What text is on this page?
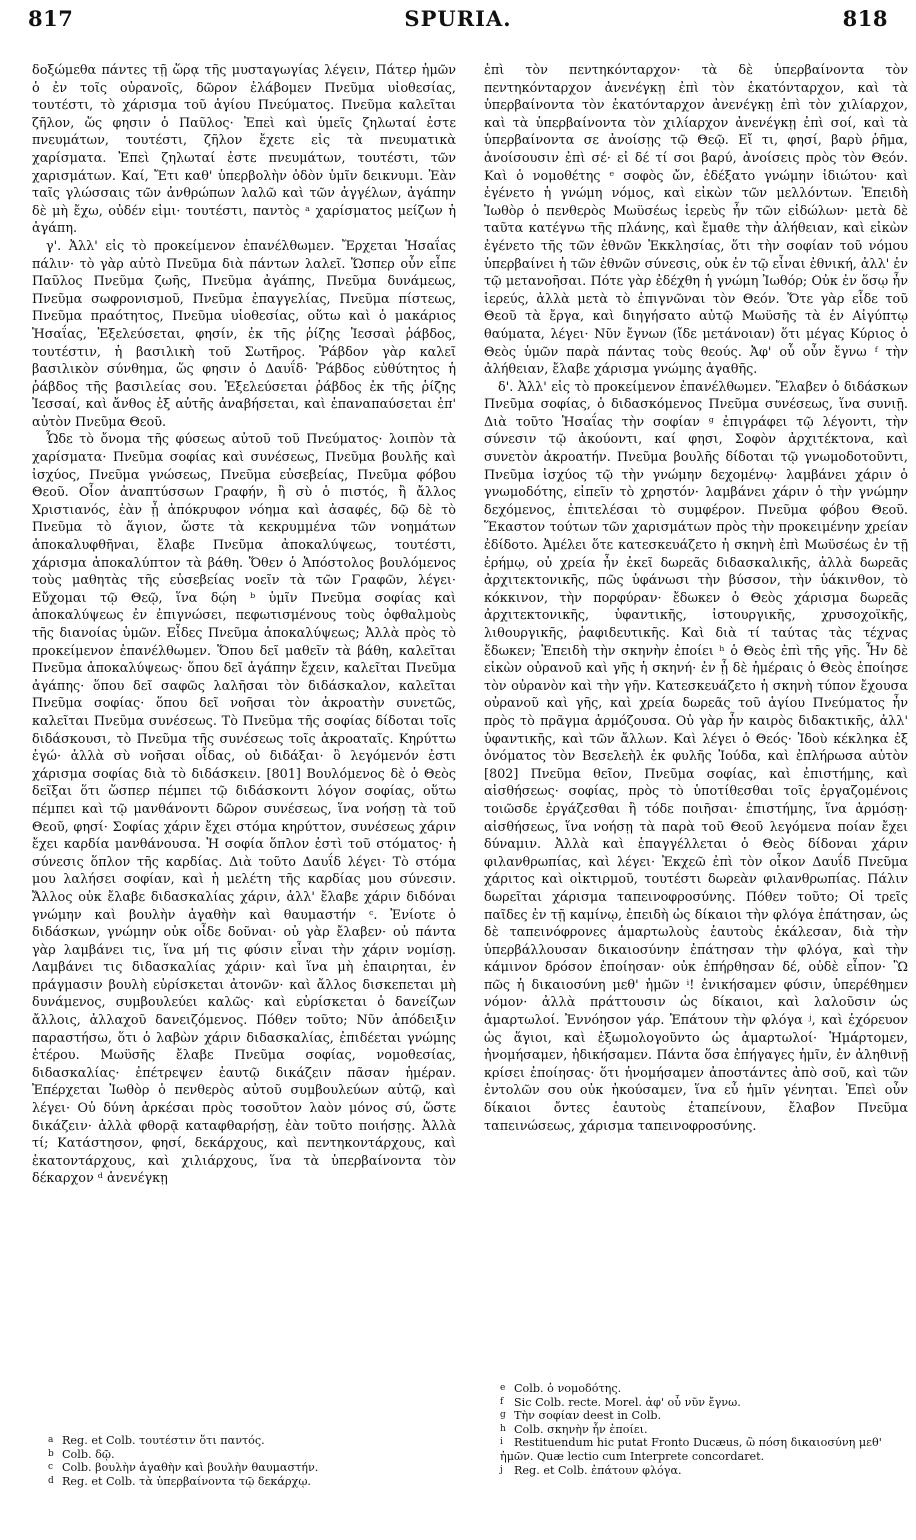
817	SPURIA.	818

δοξώμεθα πάντες τῇ ὥρᾳ τῆς μυσταγωγίας λέγειν, Πάτερ ἡμῶν ὁ ἐν τοῖς οὐρανοῖς, δῶρον ἐλάβομεν Πνεῦμα υἱοθεσίας, τουτέστι, τὸ χάρισμα τοῦ ἁγίου Πνεύματος. Πνεῦμα καλεῖται ζῆλον, ὥς φησιν ὁ Παῦλος· Ἐπεὶ καὶ ὑμεῖς ζηλωταί ἐστε πνευμάτων, τουτέστι, ζῆλον ἔχετε εἰς τὰ πνευματικὰ χαρίσματα. Ἐπεὶ ζηλωταί ἐστε πνευμάτων, τουτέστι, τῶν χαρισμάτων. Καί, Ἔτι καθ' ὑπερβολὴν ὁδὸν ὑμῖν δεικνυμι. Ἐὰν ταῖς γλώσσαις τῶν ἀνθρώπων λαλῶ καὶ τῶν ἀγγέλων, ἀγάπην δὲ μὴ ἔχω, οὐδέν εἰμι· τουτέστι, παντὸς ᵃ χαρίσματος μείζων ἡ ἀγάπη.

γ'. Ἀλλ' εἰς τὸ προκείμενον ἐπανέλθωμεν. Ἔρχεται Ἡσαΐας πάλιν· τὸ γὰρ αὐτὸ Πνεῦμα διὰ πάντων λαλεῖ. Ὥσπερ οὖν εἶπε Παῦλος Πνεῦμα ζωῆς, Πνεῦμα ἀγάπης, Πνεῦμα δυνάμεως, Πνεῦμα σωφρονισμοῦ, Πνεῦμα ἐπαγγελίας, Πνεῦμα πίστεως, Πνεῦμα πραότητος, Πνεῦμα υἱοθεσίας, οὕτω καὶ ὁ μακάριος Ἡσαΐας, Ἐξελεύσεται, φησίν, ἐκ τῆς ῥίζης Ἰεσσαὶ ῥάβδος, τουτέστιν, ἡ βασιλικὴ τοῦ Σωτῆρος. Ῥάβδον γὰρ καλεῖ βασιλικὸν σύνθημα, ὥς φησιν ὁ Δαυΐδ· Ῥάβδος εὐθύτητος ἡ ῥάβδος τῆς βασιλείας σου. Ἐξελεύσεται ῥάβδος ἐκ τῆς ῥίζης Ἰεσσαί, καὶ ἄνθος ἐξ αὐτῆς ἀναβήσεται, καὶ ἐπαναπαύσεται ἐπ' αὐτὸν Πνεῦμα Θεοῦ.

Ὧδε τὸ ὄνομα τῆς φύσεως αὐτοῦ τοῦ Πνεύματος· λοιπὸν τὰ χαρίσματα· Πνεῦμα σοφίας καὶ συνέσεως, Πνεῦμα βουλῆς καὶ ἰσχύος, Πνεῦμα γνώσεως, Πνεῦμα εὐσεβείας, Πνεῦμα φόβου Θεοῦ. Οἷον ἀναπτύσσων Γραφήν, ἢ σὺ ὁ πιστός, ἢ ἄλλος Χριστιανός, ἐὰν ᾖ ἀπόκρυφον νόημα καὶ ἀσαφές, δῷ δὲ τὸ Πνεῦμα τὸ ἅγιον, ὥστε τὰ κεκρυμμένα τῶν νοημάτων ἀποκαλυφθῆναι, ἔλαβε Πνεῦμα ἀποκαλύψεως, τουτέστι, χάρισμα ἀποκαλύπτον τὰ βάθη. Ὅθεν ὁ Ἀπόστολος βουλόμενος τοὺς μαθητὰς τῆς εὐσεβείας νοεῖν τὰ τῶν Γραφῶν, λέγει· Εὔχομαι τῷ Θεῷ, ἵνα δῴη ᵇ ὑμῖν Πνεῦμα σοφίας καὶ ἀποκαλύψεως ἐν ἐπιγνώσει, πεφωτισμένους τοὺς ὀφθαλμοὺς τῆς διανοίας ὑμῶν. Εἶδες Πνεῦμα ἀποκαλύψεως; Ἀλλὰ πρὸς τὸ προκείμενον ἐπανέλθωμεν. Ὅπου δεῖ μαθεῖν τὰ βάθη, καλεῖται Πνεῦμα ἀποκαλύψεως· ὅπου δεῖ ἀγάπην ἔχειν, καλεῖται Πνεῦμα ἀγάπης· ὅπου δεῖ σαφῶς λαλῆσαι τὸν διδάσκαλον, καλεῖται Πνεῦμα σοφίας· ὅπου δεῖ νοῆσαι τὸν ἀκροατὴν συνετῶς, καλεῖται Πνεῦμα συνέσεως. Τὸ Πνεῦμα τῆς σοφίας δίδοται τοῖς διδάσκουσι, τὸ Πνεῦμα τῆς συνέσεως τοῖς ἀκροαταῖς. Κηρύττω ἐγώ· ἀλλὰ σὺ νοῆσαι οἶδας, οὐ διδάξαι· ὃ λεγόμενόν ἐστι χάρισμα σοφίας διὰ τὸ διδάσκειν. [801] Βουλόμενος δὲ ὁ Θεὸς δεῖξαι ὅτι ὥσπερ πέμπει τῷ διδάσκοντι λόγον σοφίας, οὕτω πέμπει καὶ τῷ μανθάνοντι δῶρον συνέσεως, ἵνα νοήσῃ τὰ τοῦ Θεοῦ, φησί· Σοφίας χάριν ἔχει στόμα κηρύττον, συνέσεως χάριν ἔχει καρδία μανθάνουσα. Ἡ σοφία ὅπλον ἐστὶ τοῦ στόματος· ἡ σύνεσις ὅπλον τῆς καρδίας. Διὰ τοῦτο Δαυΐδ λέγει· Τὸ στόμα μου λαλήσει σοφίαν, καὶ ἡ μελέτη τῆς καρδίας μου σύνεσιν. Ἄλλος οὐκ ἔλαβε διδασκαλίας χάριν, ἀλλ' ἔλαβε χάριν διδόναι γνώμην καὶ βουλὴν ἀγαθὴν καὶ θαυμαστήν ᶜ. Ἐνίοτε ὁ διδάσκων, γνώμην οὐκ οἶδε δοῦναι· οὐ γὰρ ἔλαβεν· οὐ πάντα γὰρ λαμβάνει τις, ἵνα μή τις φύσιν εἶναι τὴν χάριν νομίσῃ. Λαμβάνει τις διδασκαλίας χάριν· καὶ ἵνα μὴ ἐπαιρηται, ἐν πράγμασιν βουλὴ εὑρίσκεται ἀτονῶν· καὶ ἄλλος δισκεπεται μὴ δυνάμενος, συμβουλεύει καλῶς· καὶ εὑρίσκεται ὁ δανείζων ἄλλοις, ἀλλαχοῦ δανειζόμενος. Πόθεν τοῦτο; Νῦν ἀπόδειξιν παραστήσω, ὅτι ὁ λαβὼν χάριν διδασκαλίας, ἐπιδέεται γνώμης ἑτέρου. Μωϋσῆς ἔλαβε Πνεῦμα σοφίας, νομοθεσίας, διδασκαλίας· ἐπέτρεψεν ἑαυτῷ δικάζειν πᾶσαν ἡμέραν. Ἐπέρχεται Ἰωθὸρ ὁ πενθερὸς αὐτοῦ συμβουλεύων αὐτῷ, καὶ λέγει· Οὐ δύνη ἀρκέσαι πρὸς τοσοῦτον λαὸν μόνος σύ, ὥστε δικάζειν· ἀλλὰ φθορᾷ καταφθαρήσῃ, ἐὰν τοῦτο ποιήσῃς. Ἀλλὰ τί; Κατάστησον, φησί, δεκάρχους, καὶ πεντηκοντάρχους, καὶ ἑκατοντάρχους, καὶ χιλιάρχους, ἵνα τὰ ὑπερβαίνοντα τὸν δέκαρχον ᵈ ἀνενέγκῃ

ἐπὶ τὸν πεντηκόνταρχον· τὰ δὲ ὑπερβαίνοντα τὸν πεντηκόνταρχον ἀνενέγκῃ ἐπὶ τὸν ἑκατόνταρχον, καὶ τὰ ὑπερβαίνοντα τὸν ἑκατόνταρχον ἀνενέγκῃ ἐπὶ τὸν χιλίαρχον, καὶ τὰ ὑπερβαίνοντα τὸν χιλίαρχον ἀνενέγκῃ ἐπὶ σοί, καὶ τὰ ὑπερβαίνοντα σε ἀνοίσῃς τῷ Θεῷ. Εἴ τι, φησί, βαρὺ ῥῆμα, ἀνοίσουσιν ἐπὶ σέ· εἰ δέ τί σοι βαρύ, ἀνοίσεις πρὸς τὸν Θεόν. Καὶ ὁ νομοθέτης ᵉ σοφὸς ὤν, ἐδέξατο γνώμην ἰδιώτου· καὶ ἐγένετο ἡ γνώμη νόμος, καὶ εἰκὼν τῶν μελλόντων. Ἐπειδὴ Ἰωθὸρ ὁ πενθερὸς Μωϋσέως ἱερεὺς ἦν τῶν εἰδώλων· μετὰ δὲ ταῦτα κατέγνω τῆς πλάνης, καὶ ἔμαθε τὴν ἀλήθειαν, καὶ εἰκὼν ἐγένετο τῆς τῶν ἐθνῶν Ἐκκλησίας, ὅτι τὴν σοφίαν τοῦ νόμου ὑπερβαίνει ἡ τῶν ἐθνῶν σύνεσις, οὐκ ἐν τῷ εἶναι ἐθνική, ἀλλ' ἐν τῷ μετανοῆσαι. Πότε γὰρ ἐδέχθη ἡ γνώμη Ἰωθόρ; Οὐκ ἐν ὅσῳ ἦν ἱερεύς, ἀλλὰ μετὰ τὸ ἐπιγνῶναι τὸν Θεόν. Ὅτε γὰρ εἶδε τοῦ Θεοῦ τὰ ἔργα, καὶ διηγήσατο αὐτῷ Μωϋσῆς τὰ ἐν Αἰγύπτῳ θαύματα, λέγει· Νῦν ἔγνων (ἴδε μετάνοιαν) ὅτι μέγας Κύριος ὁ Θεὸς ὑμῶν παρὰ πάντας τοὺς θεούς. Ἀφ' οὗ οὖν ἔγνω ᶠ τὴν ἀλήθειαν, ἔλαβε χάρισμα γνώμης ἀγαθῆς.

δ'. Ἀλλ' εἰς τὸ προκείμενον ἐπανέλθωμεν. Ἔλαβεν ὁ διδάσκων Πνεῦμα σοφίας, ὁ διδασκόμενος Πνεῦμα συνέσεως, ἵνα συνιῇ. Διὰ τοῦτο Ἡσαΐας τὴν σοφίαν ᵍ ἐπιγράφει τῷ λέγοντι, τὴν σύνεσιν τῷ ἀκούοντι, καί φησι, Σοφὸν ἀρχιτέκτονα, καὶ συνετὸν ἀκροατήν. Πνεῦμα βουλῆς δίδοται τῷ γνωμοδοτοῦντι, Πνεῦμα ἰσχύος τῷ τὴν γνώμην δεχομένῳ· λαμβάνει χάριν ὁ γνωμοδότης, εἰπεῖν τὸ χρηστόν· λαμβάνει χάριν ὁ τὴν γνώμην δεχόμενος, ἐπιτελέσαι τὸ συμφέρον. Πνεῦμα φόβου Θεοῦ. Ἕκαστον τούτων τῶν χαρισμάτων πρὸς τὴν προκειμένην χρείαν ἐδίδοτο. Ἀμέλει ὅτε κατεσκευάζετο ἡ σκηνὴ ἐπὶ Μωϋσέως ἐν τῇ ἐρήμῳ, οὐ χρεία ἦν ἐκεῖ δωρεᾶς διδασκαλικῆς, ἀλλὰ δωρεᾶς ἀρχιτεκτονικῆς, πῶς ὑφάνωσι τὴν βύσσον, τὴν ὑάκινθον, τὸ κόκκινον, τὴν πορφύραν· ἔδωκεν ὁ Θεὸς χάρισμα δωρεᾶς ἀρχιτεκτονικῆς, ὑφαντικῆς, ἱστουργικῆς, χρυσοχοϊκῆς, λιθουργικῆς, ῥαφιδευτικῆς. Καὶ διὰ τί ταύτας τὰς τέχνας ἔδωκεν; Ἐπειδὴ τὴν σκηνὴν ἐποίει ʰ ὁ Θεὸς ἐπὶ τῆς γῆς. Ἦν δὲ εἰκὼν οὐρανοῦ καὶ γῆς ἡ σκηνή· ἐν ᾗ δὲ ἡμέραις ὁ Θεὸς ἐποίησε τὸν οὐρανὸν καὶ τὴν γῆν. Κατεσκευάζετο ἡ σκηνὴ τύπον ἔχουσα οὐρανοῦ καὶ γῆς, καὶ χρεία δωρεᾶς τοῦ ἁγίου Πνεύματος ἦν πρὸς τὸ πρᾶγμα ἁρμόζουσα. Οὐ γὰρ ἦν καιρὸς διδακτικῆς, ἀλλ' ὑφαντικῆς, καὶ τῶν ἄλλων. Καὶ λέγει ὁ Θεός· Ἰδοὺ κέκληκα ἐξ ὀνόματος τὸν Βεσελεὴλ ἐκ φυλῆς Ἰούδα, καὶ ἐπλήρωσα αὐτὸν [802] Πνεῦμα θεῖον, Πνεῦμα σοφίας, καὶ ἐπιστήμης, καὶ αἰσθήσεως· σοφίας, πρὸς τὸ ὑποτίθεσθαι τοῖς ἐργαζομένοις τοιῶσδε ἐργάζεσθαι ἢ τόδε ποιῆσαι· ἐπιστήμης, ἵνα ἁρμόσῃ· αἰσθήσεως, ἵνα νοήσῃ τὰ παρὰ τοῦ Θεοῦ λεγόμενα ποίαν ἔχει δύναμιν. Ἀλλὰ καὶ ἐπαγγέλλεται ὁ Θεὸς δίδοναι χάριν φιλανθρωπίας, καὶ λέγει· Ἐκχεῶ ἐπὶ τὸν οἶκον Δαυΐδ Πνεῦμα χάριτος καὶ οἰκτιρμοῦ, τουτέστι δωρεὰν φιλανθρωπίας. Πάλιν δωρεῖται χάρισμα ταπεινοφροσύνης. Πόθεν τοῦτο; Οἱ τρεῖς παῖδες ἐν τῇ καμίνῳ, ἐπειδὴ ὡς δίκαιοι τὴν φλόγα ἐπάτησαν, ὡς δὲ ταπεινόφρονες ἁμαρτωλοὺς ἑαυτοὺς ἐκάλεσαν, διὰ τὴν ὑπερβάλλουσαν δικαιοσύνην ἐπάτησαν τὴν φλόγα, καὶ τὴν κάμινον δρόσον ἐποίησαν· οὐκ ἐπήρθησαν δέ, οὐδὲ εἶπον· Ὢ πῶς ἡ δικαιοσύνη μεθ' ἡμῶν ⁱ! ἐνικήσαμεν φύσιν, ὑπερέθημεν νόμον· ἀλλὰ πράττουσιν ὡς δίκαιοι, καὶ λαλοῦσιν ὡς ἁμαρτωλοί. Ἐννόησον γάρ. Ἐπάτουν τὴν φλόγα ʲ, καὶ ἐχόρευον ὡς ἅγιοι, καὶ ἐξωμολογοῦντο ὡς ἁμαρτωλοί· Ἡμάρτομεν, ἠνομήσαμεν, ἠδικήσαμεν. Πάντα ὅσα ἐπήγαγες ἡμῖν, ἐν ἀληθινῇ κρίσει ἐποίησας· ὅτι ἠνομήσαμεν ἀποστάντες ἀπὸ σοῦ, καὶ τῶν ἐντολῶν σου οὐκ ἠκούσαμεν, ἵνα εὖ ἡμῖν γένηται. Ἐπεὶ οὖν δίκαιοι ὄντες ἑαυτοὺς ἐταπείνουν, ἔλαβον Πνεῦμα ταπεινώσεως, χάρισμα ταπεινοφροσύνης.

a Reg. et Colb. τουτέστιν ὅτι παντός.

b Colb. δῷ.

c Colb. βουλὴν ἀγαθὴν καὶ βουλὴν θαυμαστήν.

d Reg. et Colb. τὰ ὑπερβαίνοντα τῷ δεκάρχῳ.

e Colb. ὁ νομοδότης.

f Sic Colb. recte. Morel. ἀφ' οὗ νῦν ἔγνω.

g Τὴν σοφίαν deest in Colb.

h Colb. σκηνὴν ἦν ἐποίει.

i Restituendum hic putat Fronto Ducæus, ὢ πόση δικαιοσύνη μεθ' ἡμῶν. Quæ lectio cum Interprete concordaret.

j Reg. et Colb. ἐπάτουν φλόγα.
